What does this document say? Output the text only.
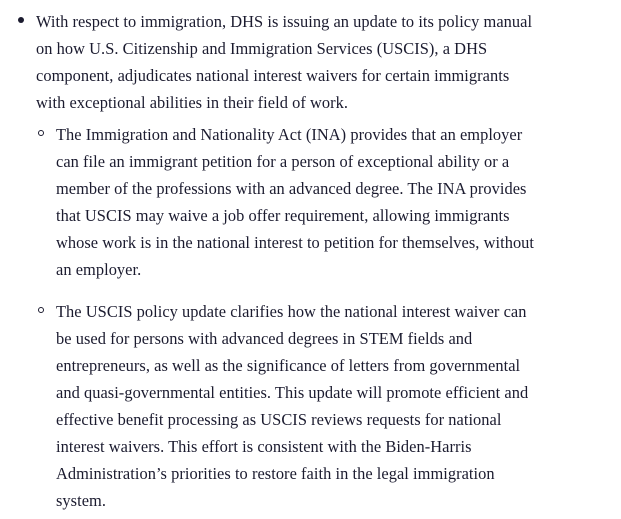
With respect to immigration, DHS is issuing an update to its policy manual
on how U.S. Citizenship and Immigration Services (USCIS), a DHS
component, adjudicates national interest waivers for certain immigrants
with exceptional abilities in their field of work.

The Immigration and Nationality Act (INA) provides that an employer
can file an immigrant petition for a person of exceptional ability or a
member of the professions with an advanced degree. The INA provides
that USCIS may waive a job offer requirement, allowing immigrants
whose work is in the national interest to petition for themselves, without
an employer.

The USCIS policy update clarifies how the national interest waiver can
be used for persons with advanced degrees in STEM fields and
entrepreneurs, as well as the significance of letters from governmental
and quasi-governmental entities. This update will promote efficient and
effective benefit processing as USCIS reviews requests for national
interest waivers. This effort is consistent with the Biden-Harris
Administration’s priorities to restore faith in the legal immigration
system.
